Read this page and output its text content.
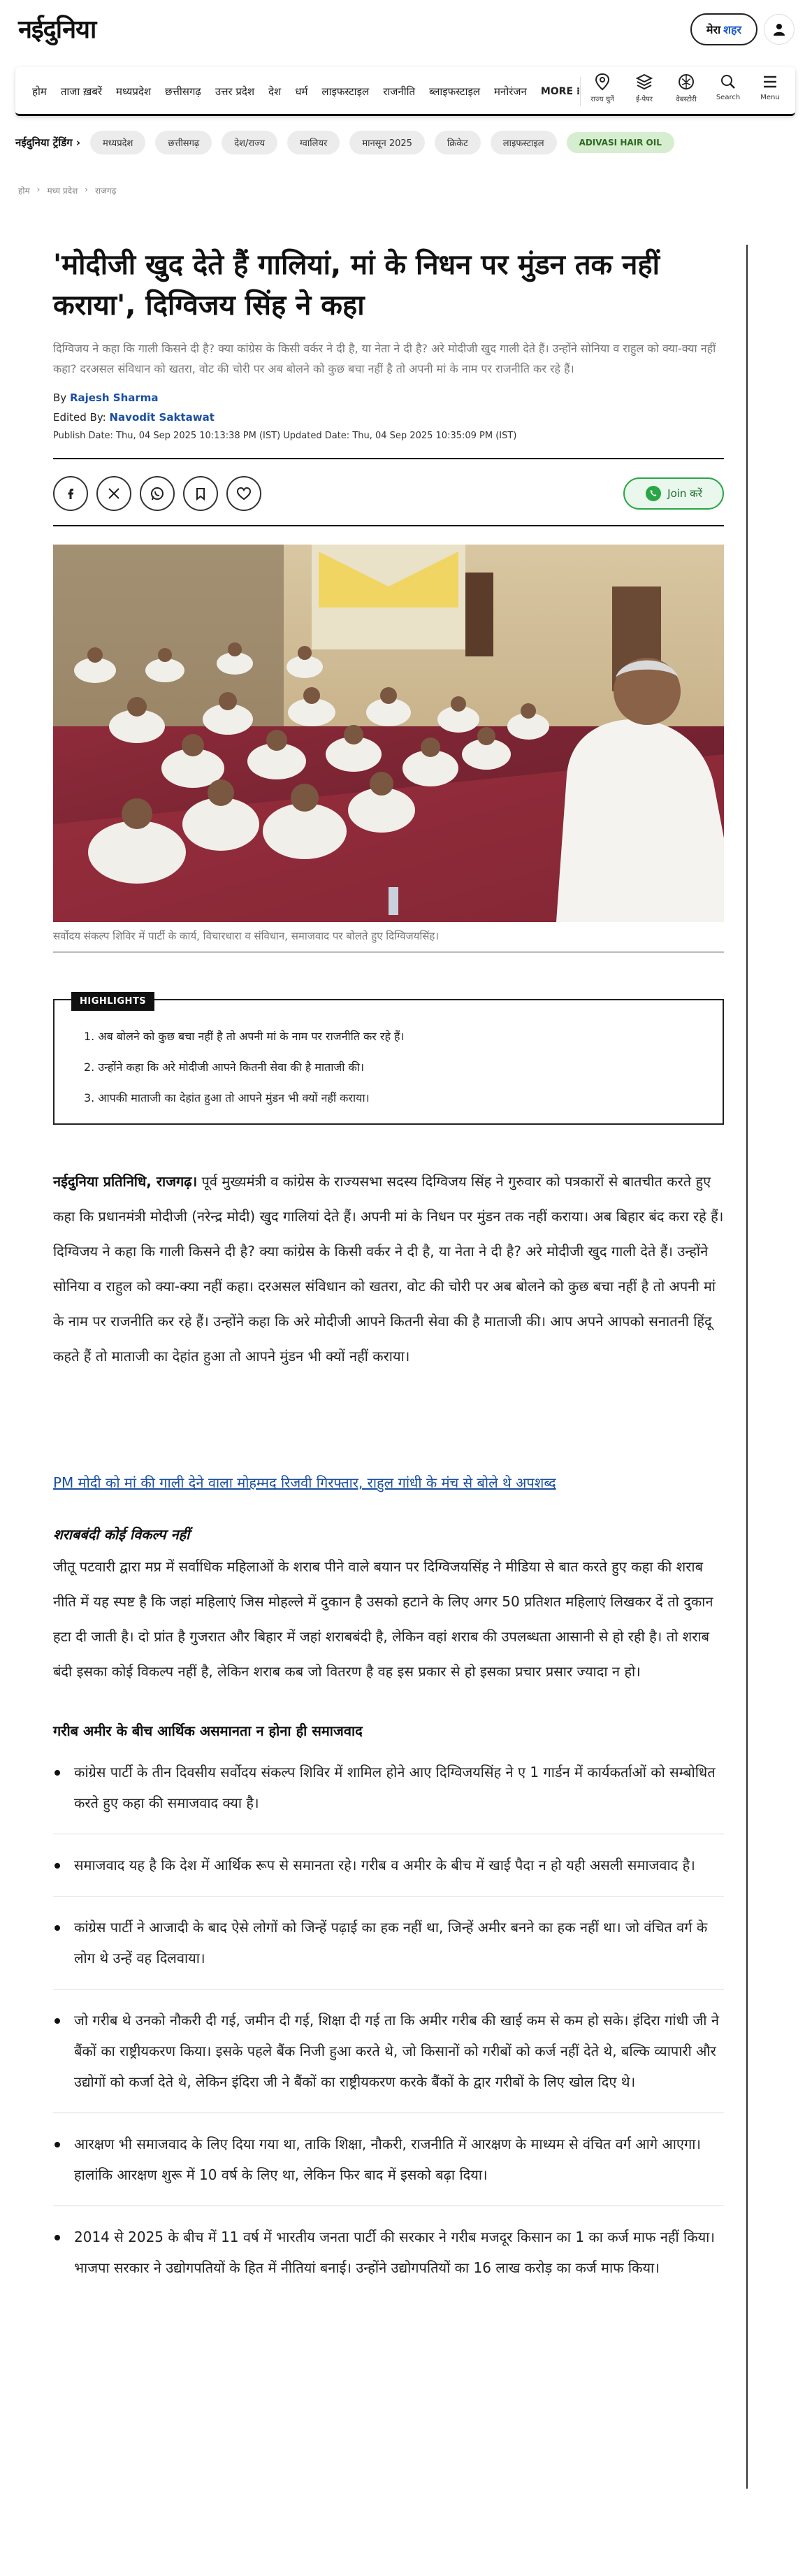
नईदुनिया	मेरा शहर
होम	ताजा ख़बरें	मध्यप्रदेश	छत्तीसगढ़	उत्तर प्रदेश	देश	धर्म	लाइफस्टाइल	राजनीति	ब्लाइफस्टाइल	मनोरंजन	MORE ⁝
राज्य चुनें	ई-पेपर	वेबस्टोरी	Search	Menu
नईदुनिया ट्रेंडिंग ›	मध्यप्रदेश	छत्तीसगढ़	देश/राज्य	ग्वालियर	मानसून 2025	क्रिकेट	लाइफस्टाइल	ADIVASI HAIR OIL
होम › मध्य प्रदेश › राजगढ़
'मोदीजी खुद देते हैं गालियां, मां के निधन पर मुंडन तक नहीं कराया', दिग्विजय सिंह ने कहा

दिग्विजय ने कहा कि गाली किसने दी है? क्या कांग्रेस के किसी वर्कर ने दी है, या नेता ने दी है? अरे मोदीजी खुद गाली देते हैं। उन्होंने सोनिया व राहुल को क्या-क्या नहीं कहा? दरअसल संविधान को खतरा, वोट की चोरी पर अब बोलने को कुछ बचा नहीं है तो अपनी मां के नाम पर राजनीति कर रहे हैं।

By Rajesh Sharma
Edited By: Navodit Saktawat
Publish Date: Thu, 04 Sep 2025 10:13:38 PM (IST) Updated Date: Thu, 04 Sep 2025 10:35:09 PM (IST)
Join करें

सर्वोदय संकल्प शिविर में पार्टी के कार्य, विचारधारा व संविधान, समाजवाद पर बोलते हुए दिग्विजयसिंह।

HIGHLIGHTS
1. अब बोलने को कुछ बचा नहीं है तो अपनी मां के नाम पर राजनीति कर रहे हैं।
2. उन्होंने कहा कि अरे मोदीजी आपने कितनी सेवा की है माताजी की।
3. आपकी माताजी का देहांत हुआ तो आपने मुंडन भी क्यों नहीं कराया।

नईदुनिया प्रतिनिधि, राजगढ़। पूर्व मुख्यमंत्री व कांग्रेस के राज्यसभा सदस्य दिग्विजय सिंह ने गुरुवार को पत्रकारों से बातचीत करते हुए कहा कि प्रधानमंत्री मोदीजी (नरेन्द्र मोदी) खुद गालियां देते हैं। अपनी मां के निधन पर मुंडन तक नहीं कराया। अब बिहार बंद करा रहे हैं। दिग्विजय ने कहा कि गाली किसने दी है? क्या कांग्रेस के किसी वर्कर ने दी है, या नेता ने दी है? अरे मोदीजी खुद गाली देते हैं। उन्होंने सोनिया व राहुल को क्या-क्या नहीं कहा। दरअसल संविधान को खतरा, वोट की चोरी पर अब बोलने को कुछ बचा नहीं है तो अपनी मां के नाम पर राजनीति कर रहे हैं। उन्होंने कहा कि अरे मोदीजी आपने कितनी सेवा की है माताजी की। आप अपने आपको सनातनी हिंदू कहते हैं तो माताजी का देहांत हुआ तो आपने मुंडन भी क्यों नहीं कराया।

PM मोदी को मां की गाली देने वाला मोहम्मद रिजवी गिरफ्तार, राहुल गांधी के मंच से बोले थे अपशब्द
शराबबंदी कोई विकल्प नहीं

जीतू पटवारी द्वारा मप्र में सर्वाधिक महिलाओं के शराब पीने वाले बयान पर दिग्विजयसिंह ने मीडिया से बात करते हुए कहा की शराब नीति में यह स्पष्ट है कि जहां महिलाएं जिस मोहल्ले में दुकान है उसको हटाने के लिए अगर 50 प्रतिशत महिलाएं लिखकर दें तो दुकान हटा दी जाती है। दो प्रांत है गुजरात और बिहार में जहां शराबबंदी है, लेकिन वहां शराब की उपलब्धता आसानी से हो रही है। तो शराब बंदी इसका कोई विकल्प नहीं है, लेकिन शराब कब जो वितरण है वह इस प्रकार से हो इसका प्रचार प्रसार ज्यादा न हो।

गरीब अमीर के बीच आर्थिक असमानता न होना ही समाजवाद
कांग्रेस पार्टी के तीन दिवसीय सर्वोदय संकल्प शिविर में शामिल होने आए दिग्विजयसिंह ने ए 1 गार्डन में कार्यकर्ताओं को सम्बोधित करते हुए कहा की समाजवाद क्या है।
समाजवाद यह है कि देश में आर्थिक रूप से समानता रहे। गरीब व अमीर के बीच में खाई पैदा न हो यही असली समाजवाद है।
कांग्रेस पार्टी ने आजादी के बाद ऐसे लोगों को जिन्हें पढ़ाई का हक नहीं था, जिन्हें अमीर बनने का हक नहीं था। जो वंचित वर्ग के लोग थे उन्हें वह दिलवाया।
जो गरीब थे उनको नौकरी दी गई, जमीन दी गई, शिक्षा दी गई ता कि अमीर गरीब की खाई कम से कम हो सके। इंदिरा गांधी जी ने बैंकों का राष्ट्रीयकरण किया। इसके पहले बैंक निजी हुआ करते थे, जो किसानों को गरीबों को कर्ज नहीं देते थे, बल्कि व्यापारी और उद्योगों को कर्जा देते थे, लेकिन इंदिरा जी ने बैंकों का राष्ट्रीयकरण करके बैंकों के द्वार गरीबों के लिए खोल दिए थे।
आरक्षण भी समाजवाद के लिए दिया गया था, ताकि शिक्षा, नौकरी, राजनीति में आरक्षण के माध्यम से वंचित वर्ग आगे आएगा। हालांकि आरक्षण शुरू में 10 वर्ष के लिए था, लेकिन फिर बाद में इसको बढ़ा दिया।
2014 से 2025 के बीच में 11 वर्ष में भारतीय जनता पार्टी की सरकार ने गरीब मजदूर किसान का 1 का कर्ज माफ नहीं किया। भाजपा सरकार ने उद्योगपतियों के हित में नीतियां बनाई। उन्होंने उद्योगपतियों का 16 लाख करोड़ का कर्ज माफ किया।
